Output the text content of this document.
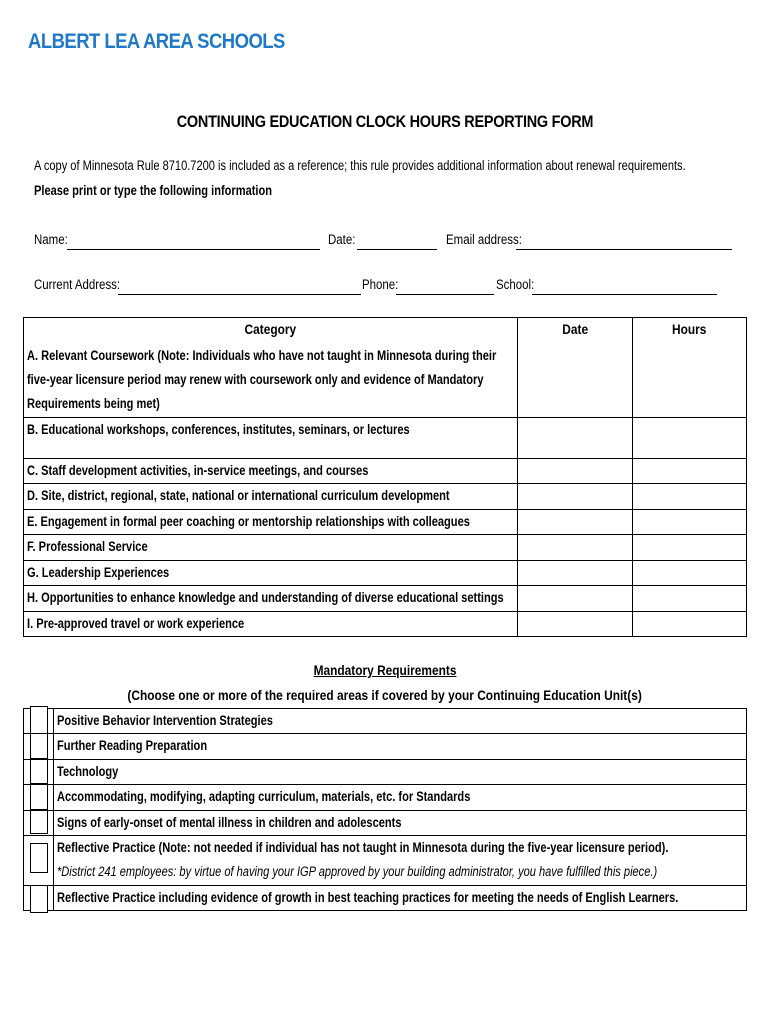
ALBERT LEA AREA SCHOOLS
CONTINUING EDUCATION CLOCK HOURS REPORTING FORM
A copy of Minnesota Rule 8710.7200 is included as a reference; this rule provides additional information about renewal requirements.
Please print or type the following information
Name:	Date:	Email address:
Current Address:	Phone:	School:
Category	Date	Hours

A. Relevant Coursework (Note: Individuals who have not taught in Minnesota during their five-year licensure period may renew with coursework only and evidence of Mandatory Requirements being met)		
B. Educational workshops, conferences, institutes, seminars, or lectures		
C. Staff development activities, in-service meetings, and courses		
D. Site, district, regional, state, national or international curriculum development		
E. Engagement in formal peer coaching or mentorship relationships with colleagues		
F. Professional Service		
G. Leadership Experiences		
H. Opportunities to enhance knowledge and understanding of diverse educational settings		
I. Pre-approved travel or work experience		
Mandatory Requirements
(Choose one or more of the required areas if covered by your Continuing Education Unit(s)
	Positive Behavior Intervention Strategies
	Further Reading Preparation
	Technology
	Accommodating, modifying, adapting curriculum, materials, etc. for Standards
	Signs of early-onset of mental illness in children and adolescents
	Reflective Practice (Note: not needed if individual has not taught in Minnesota during the five-year licensure period).
*District 241 employees: by virtue of having your IGP approved by your building administrator, you have fulfilled this piece.)
	Reflective Practice including evidence of growth in best teaching practices for meeting the needs of English Learners.
